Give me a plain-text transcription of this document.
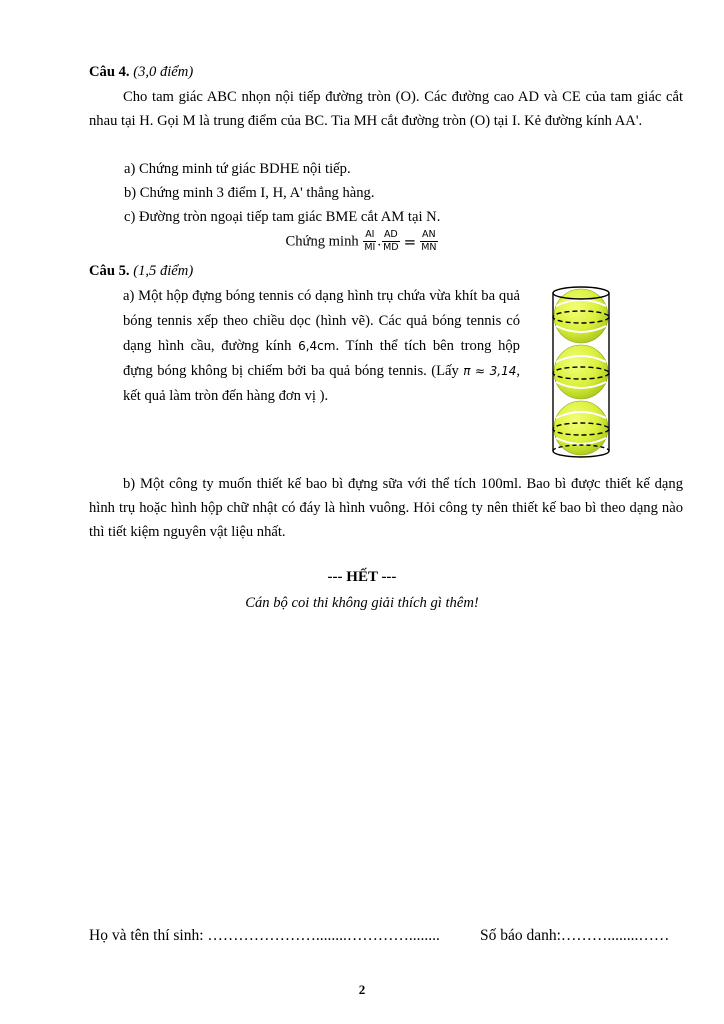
Câu 4. (3,0 điểm)

Cho tam giác ABC nhọn nội tiếp đường tròn (O). Các đường cao AD và CE của tam giác cắt nhau tại H. Gọi M là trung điểm của BC. Tia MH cắt đường tròn (O) tại I. Kẻ đường kính AA'.

a) Chứng minh tứ giác BDHE nội tiếp.
b) Chứng minh 3 điểm I, H, A' thẳng hàng.
c) Đường tròn ngoại tiếp tam giác BME cắt AM tại N.
Chứng minh $\frac{AI}{MI}$ . $\frac{AD}{MD} = \frac{AN}{MN}$
Câu 5. (1,5 điểm)
a) Một hộp đựng bóng tennis có dạng hình trụ chứa vừa khít ba quả bóng tennis xếp theo chiều dọc (hình vẽ). Các quả bóng tennis có dạng hình cầu, đường kính 6,4cm. Tính thể tích bên trong hộp đựng bóng không bị chiếm bởi ba quả bóng tennis. (Lấy π ≈ 3,14, kết quả làm tròn đến hàng đơn vị ).

b) Một công ty muốn thiết kế bao bì đựng sữa với thể tích 100ml. Bao bì được thiết kế dạng hình trụ hoặc hình hộp chữ nhật có đáy là hình vuông. Hỏi công ty nên thiết kế bao bì theo dạng nào thì tiết kiệm nguyên vật liệu nhất.

--- HẾT ---
Cán bộ coi thi không giải thích gì thêm!
Họ và tên thí sinh: …………………........…………........	Số báo danh:………........……
2
